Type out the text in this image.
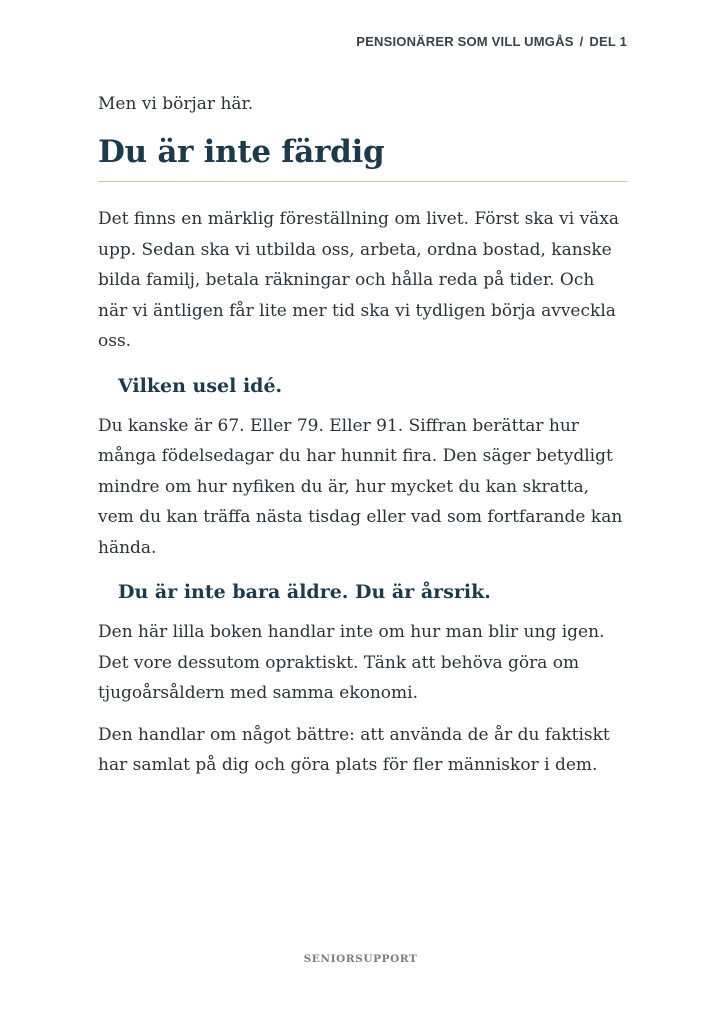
PENSIONÄRER SOM VILL UMGÅS / DEL 1

Men vi börjar här.

Du är inte färdig

Det finns en märklig föreställning om livet. Först ska vi växa upp. Sedan ska vi utbilda oss, arbeta, ordna bostad, kanske bilda familj, betala räkningar och hålla reda på tider. Och när vi äntligen får lite mer tid ska vi tydligen börja avveckla oss.

Vilken usel idé.

Du kanske är 67. Eller 79. Eller 91. Siffran berättar hur många födelsedagar du har hunnit fira. Den säger betydligt mindre om hur nyfiken du är, hur mycket du kan skratta, vem du kan träffa nästa tisdag eller vad som fortfarande kan hända.

Du är inte bara äldre. Du är årsrik.

Den här lilla boken handlar inte om hur man blir ung igen. Det vore dessutom opraktiskt. Tänk att behöva göra om tjugoårsåldern med samma ekonomi.

Den handlar om något bättre: att använda de år du faktiskt har samlat på dig och göra plats för fler människor i dem.

SENIORSUPPORT
